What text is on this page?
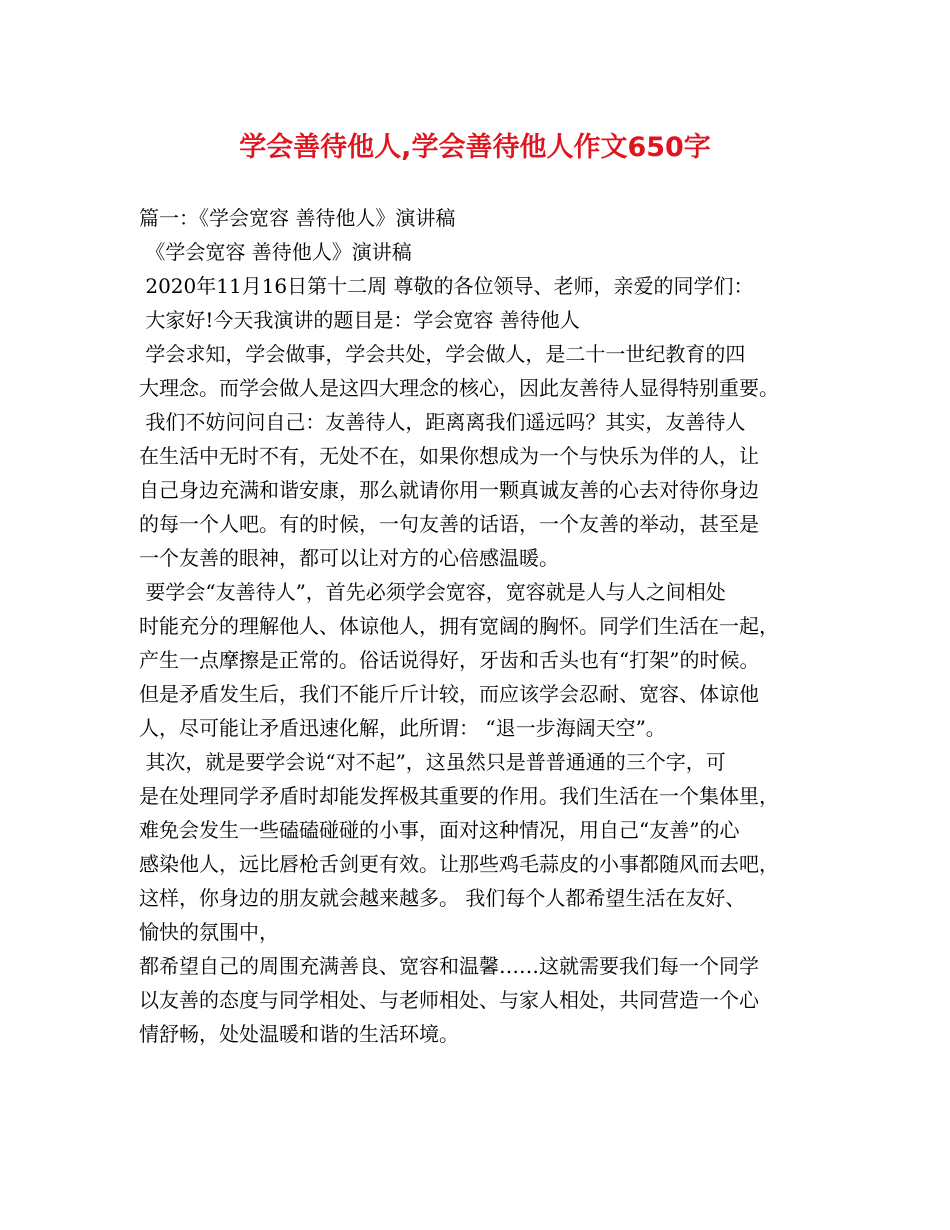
学会善待他人,学会善待他人作文650字
篇一：《学会宽容 善待他人》演讲稿
《学会宽容 善待他人》演讲稿
2020年11月16日第十二周 尊敬的各位领导、老师，亲爱的同学们：
大家好!今天我演讲的题目是：学会宽容 善待他人
学会求知，学会做事，学会共处，学会做人，是二十一世纪教育的四
大理念。而学会做人是这四大理念的核心，因此友善待人显得特别重要。
我们不妨问问自己：友善待人，距离离我们遥远吗？其实，友善待人
在生活中无时不有，无处不在，如果你想成为一个与快乐为伴的人，让
自己身边充满和谐安康，那么就请你用一颗真诚友善的心去对待你身边
的每一个人吧。有的时候，一句友善的话语，一个友善的举动，甚至是
一个友善的眼神，都可以让对方的心倍感温暖。
要学会“友善待人”，首先必须学会宽容，宽容就是人与人之间相处
时能充分的理解他人、体谅他人，拥有宽阔的胸怀。同学们生活在一起，
产生一点摩擦是正常的。俗话说得好，牙齿和舌头也有“打架”的时候。
但是矛盾发生后，我们不能斤斤计较，而应该学会忍耐、宽容、体谅他
人，尽可能让矛盾迅速化解，此所谓： “退一步海阔天空”。
其次，就是要学会说“对不起”，这虽然只是普普通通的三个字，可
是在处理同学矛盾时却能发挥极其重要的作用。我们生活在一个集体里，
难免会发生一些磕磕碰碰的小事，面对这种情况，用自己“友善”的心
感染他人，远比唇枪舌剑更有效。让那些鸡毛蒜皮的小事都随风而去吧，
这样，你身边的朋友就会越来越多。 我们每个人都希望生活在友好、
愉快的氛围中，
都希望自己的周围充满善良、宽容和温馨……这就需要我们每一个同学
以友善的态度与同学相处、与老师相处、与家人相处，共同营造一个心
情舒畅，处处温暖和谐的生活环境。
